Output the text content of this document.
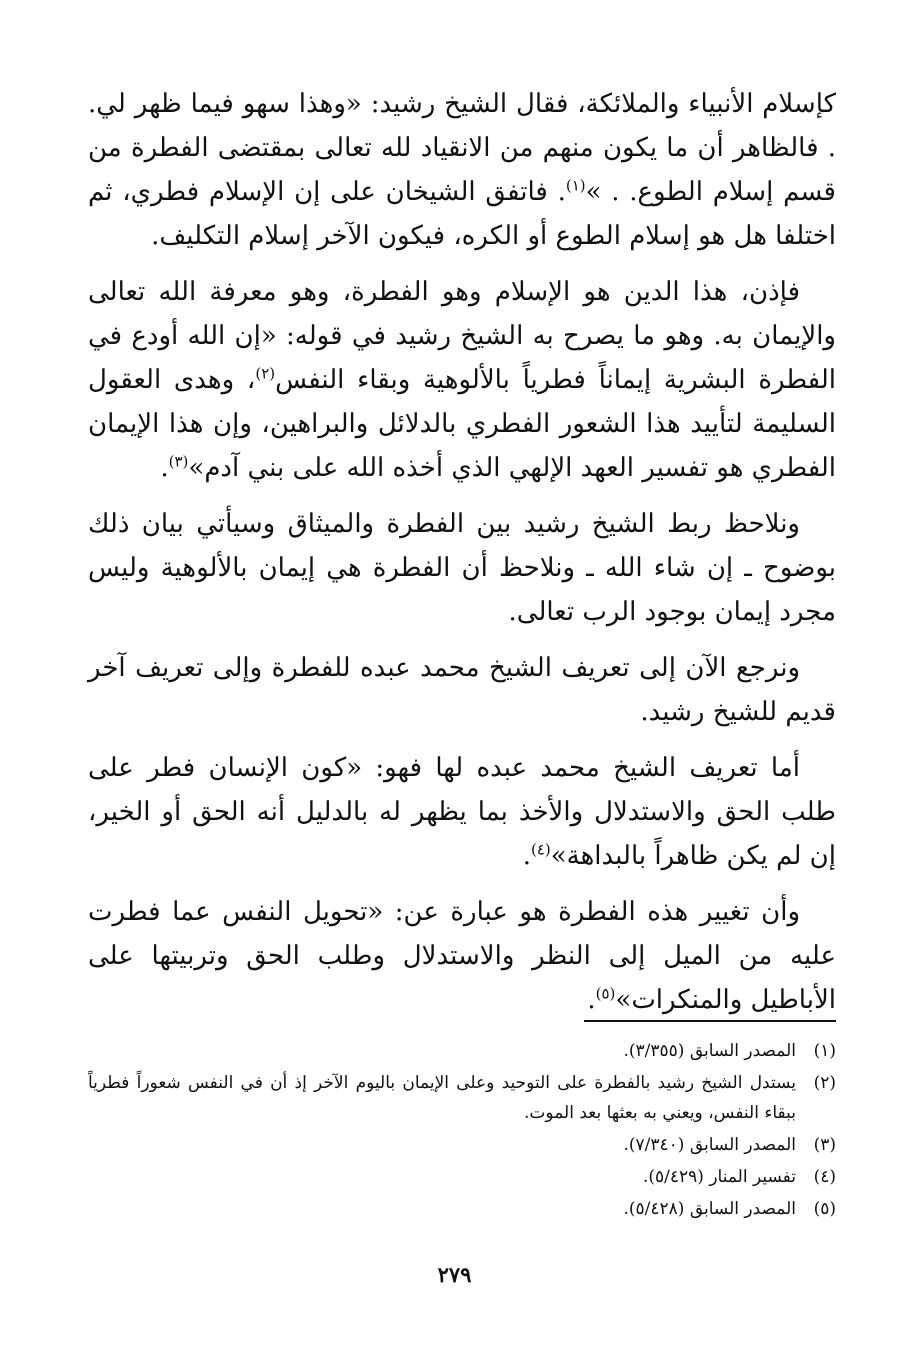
كإسلام الأنبياء والملائكة، فقال الشيخ رشيد: «وهذا سهو فيما ظهر لي. . فالظاهر أن ما يكون منهم من الانقياد لله تعالى بمقتضى الفطرة من قسم إسلام الطوع. . »$^{(١)}$. فاتفق الشيخان على إن الإسلام فطري، ثم اختلفا هل هو إسلام الطوع أو الكره، فيكون الآخر إسلام التكليف.

فإذن، هذا الدين هو الإسلام وهو الفطرة، وهو معرفة الله تعالى والإيمان به. وهو ما يصرح به الشيخ رشيد في قوله: «إن الله أودع في الفطرة البشرية إيماناً فطرياً بالألوهية وبقاء النفس$^{(٢)}$، وهدى العقول السليمة لتأييد هذا الشعور الفطري بالدلائل والبراهين، وإن هذا الإيمان الفطري هو تفسير العهد الإلهي الذي أخذه الله على بني آدم»$^{(٣)}$.

ونلاحظ ربط الشيخ رشيد بين الفطرة والميثاق وسيأتي بيان ذلك بوضوح ـ إن شاء الله ـ ونلاحظ أن الفطرة هي إيمان بالألوهية وليس مجرد إيمان بوجود الرب تعالى.

ونرجع الآن إلى تعريف الشيخ محمد عبده للفطرة وإلى تعريف آخر قديم للشيخ رشيد.

أما تعريف الشيخ محمد عبده لها فهو: «كون الإنسان فطر على طلب الحق والاستدلال والأخذ بما يظهر له بالدليل أنه الحق أو الخير، إن لم يكن ظاهراً بالبداهة»$^{(٤)}$.

وأن تغيير هذه الفطرة هو عبارة عن: «تحويل النفس عما فطرت عليه من الميل إلى النظر والاستدلال وطلب الحق وتربيتها على الأباطيل والمنكرات»$^{(٥)}$.

(١)
المصدر السابق (٣/٣٥٥).
(٢)
يستدل الشيخ رشيد بالفطرة على التوحيد وعلى الإيمان باليوم الآخر إذ أن في النفس شعوراً فطرياً ببقاء النفس، ويعني به بعثها بعد الموت.
(٣)
المصدر السابق (٧/٣٤٠).
(٤)
تفسير المنار (٥/٤٢٩).
(٥)
المصدر السابق (٥/٤٢٨).
٢٧٩
